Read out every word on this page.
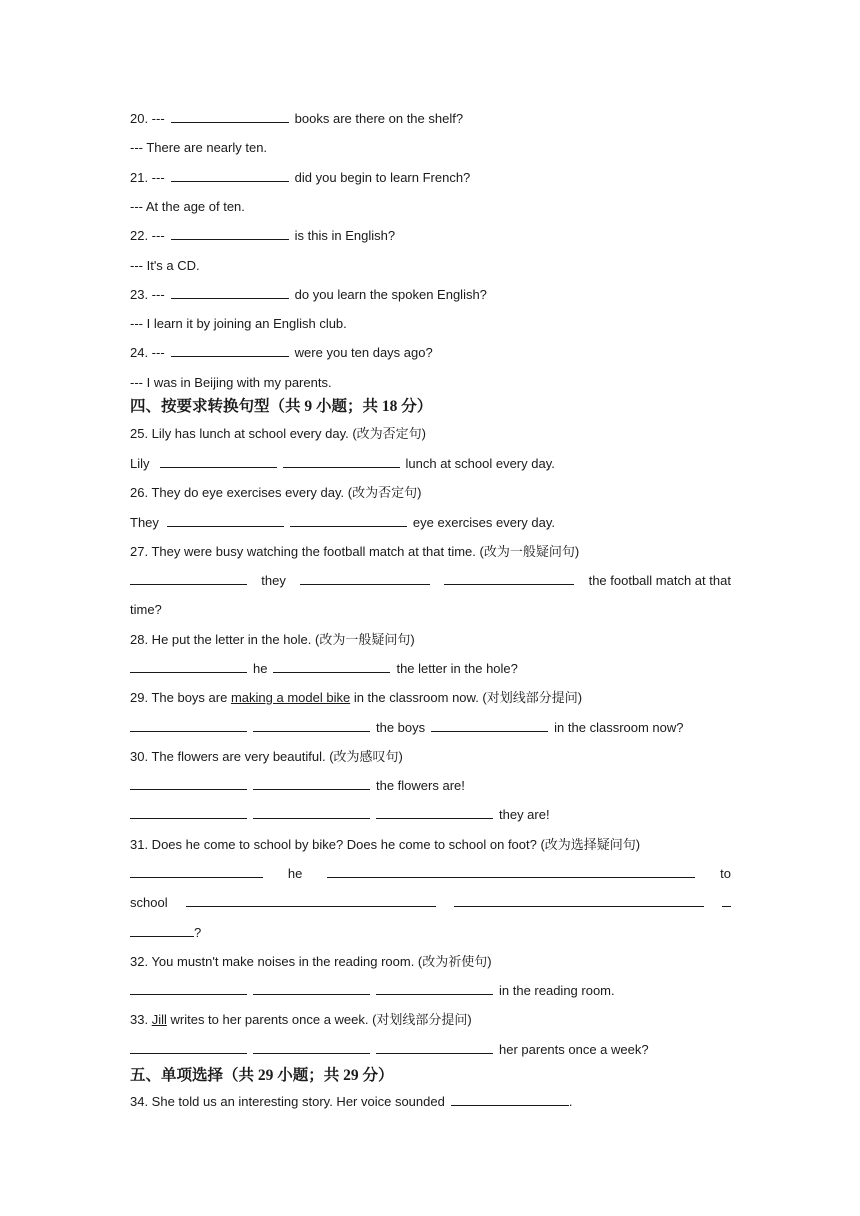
20. ---	books are there on the shelf?
--- There are nearly ten.
21. ---	did you begin to learn French?
--- At the age of ten.
22. ---	is this in English?
--- It's a CD.
23. ---	do you learn the spoken English?
--- I learn it by joining an English club.
24. ---	were you ten days ago?
--- I was in Beijing with my parents.
四、按要求转换句型（共 9 小题；共 18 分）
25. Lily has lunch at school every day. (改为否定句)
Lily	lunch at school every day.
26. They do eye exercises every day. (改为否定句)
They	eye exercises every day.
27. They were busy watching the football match at that time. (改为一般疑问句)
they	the football match at that
time?
28. He put the letter in the hole. (改为一般疑问句)
he	the letter in the hole?
29. The boys are making a model bike in the classroom now. (对划线部分提问)
the boys	in the classroom now?
30. The flowers are very beautiful. (改为感叹句)
the flowers are!
they are!
31. Does he come to school by bike? Does he come to school on foot? (改为选择疑问句)
he	to
school
?
32. You mustn't make noises in the reading room. (改为祈使句)
in the reading room.
33. Jill writes to her parents once a week. (对划线部分提问)
her parents once a week?
五、单项选择（共 29 小题；共 29 分）
34. She told us an interesting story. Her voice sounded	.
